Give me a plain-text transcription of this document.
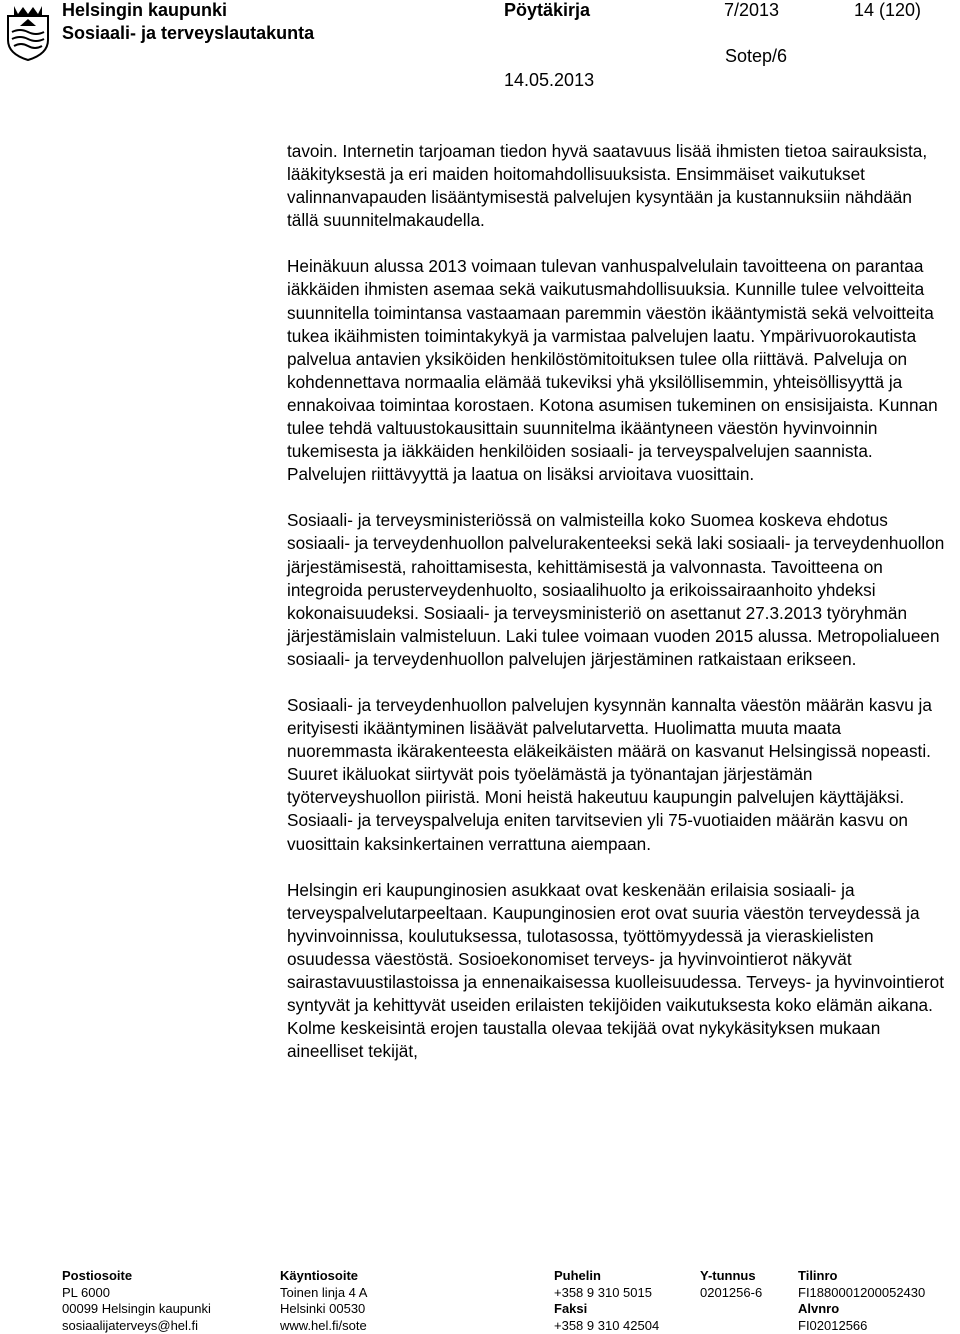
Helsingin kaupunki
Sosiaali- ja terveyslautakunta
Pöytäkirja	7/2013	14 (120)
Sotep/6
14.05.2013

tavoin. Internetin tarjoaman tiedon hyvä saatavuus lisää ihmisten tietoa sairauksista, lääkityksestä ja eri maiden hoitomahdollisuuksista. Ensimmäiset vaikutukset valinnanvapauden lisääntymisestä palvelujen kysyntään ja kustannuksiin nähdään tällä suunnitelmakaudella.

Heinäkuun alussa 2013 voimaan tulevan vanhuspalvelulain tavoitteena on parantaa iäkkäiden ihmisten asemaa sekä vaikutusmahdollisuuksia. Kunnille tulee velvoitteita suunnitella toimintansa vastaamaan paremmin väestön ikääntymistä sekä velvoitteita tukea ikäihmisten toimintakykyä ja varmistaa palvelujen laatu. Ympärivuorokautista palvelua antavien yksiköiden henkilöstömitoituksen tulee olla riittävä. Palveluja on kohdennettava normaalia elämää tukeviksi yhä yksilöllisemmin, yhteisöllisyyttä ja ennakoivaa toimintaa korostaen. Kotona asumisen tukeminen on ensisijaista. Kunnan tulee tehdä valtuustokausittain suunnitelma ikääntyneen väestön hyvinvoinnin tukemisesta ja iäkkäiden henkilöiden sosiaali- ja terveyspalvelujen saannista. Palvelujen riittävyyttä ja laatua on lisäksi arvioitava vuosittain.

Sosiaali- ja terveysministeriössä on valmisteilla koko Suomea koskeva ehdotus sosiaali- ja terveydenhuollon palvelurakenteeksi sekä laki sosiaali- ja terveydenhuollon järjestämisestä, rahoittamisesta, kehittämisestä ja valvonnasta. Tavoitteena on integroida perusterveydenhuolto, sosiaalihuolto ja erikoissairaanhoito yhdeksi kokonaisuudeksi. Sosiaali- ja terveysministeriö on asettanut 27.3.2013 työryhmän järjestämislain valmisteluun. Laki tulee voimaan vuoden 2015 alussa. Metropolialueen sosiaali- ja terveydenhuollon palvelujen järjestäminen ratkaistaan erikseen.

Sosiaali- ja terveydenhuollon palvelujen kysynnän kannalta väestön määrän kasvu ja erityisesti ikääntyminen lisäävät palvelutarvetta. Huolimatta muuta maata nuoremmasta ikärakenteesta eläkeikäisten määrä on kasvanut Helsingissä nopeasti. Suuret ikäluokat siirtyvät pois työelämästä ja työnantajan järjestämän työterveyshuollon piiristä. Moni heistä hakeutuu kaupungin palvelujen käyttäjäksi. Sosiaali- ja terveyspalveluja eniten tarvitsevien yli 75-vuotiaiden määrän kasvu on vuosittain kaksinkertainen verrattuna aiempaan.

Helsingin eri kaupunginosien asukkaat ovat keskenään erilaisia sosiaali- ja terveyspalvelutarpeeltaan. Kaupunginosien erot ovat suuria väestön terveydessä ja hyvinvoinnissa, koulutuksessa, tulotasossa, työttömyydessä ja vieraskielisten osuudessa väestöstä. Sosioekonomiset terveys- ja hyvinvointierot näkyvät sairastavuustilastoissa ja ennenaikaisessa kuolleisuudessa. Terveys- ja hyvinvointierot syntyvät ja kehittyvät useiden erilaisten tekijöiden vaikutuksesta koko elämän aikana. Kolme keskeisintä erojen taustalla olevaa tekijää ovat nykykäsityksen mukaan aineelliset tekijät,

Postiosoite
PL 6000
00099 Helsingin kaupunki
sosiaalijaterveys@hel.fi
Käyntiosoite
Toinen linja 4 A
Helsinki 00530
www.hel.fi/sote
Puhelin
+358 9 310 5015
Faksi
+358 9 310 42504
Y-tunnus
0201256-6
Tilinro
FI1880001200052430
Alvnro
FI02012566
